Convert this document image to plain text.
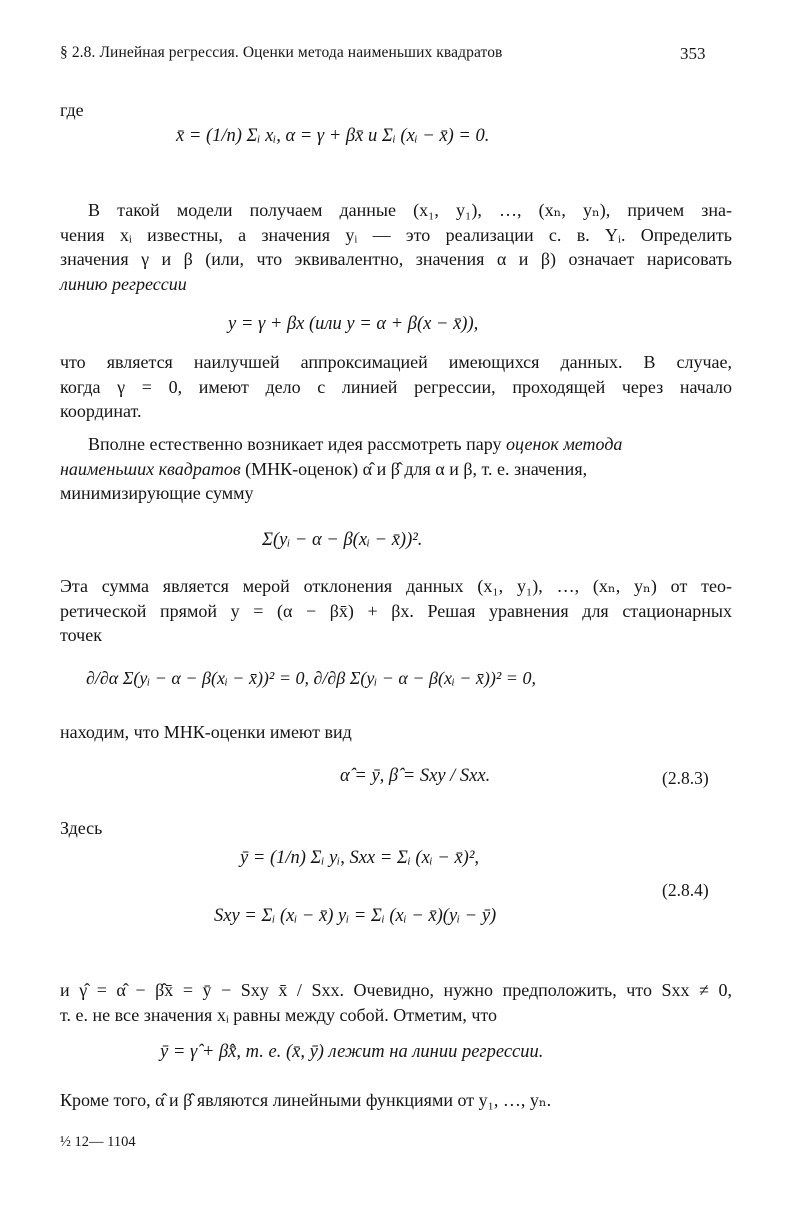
§ 2.8. Линейная регрессия. Оценки метода наименьших квадратов	353
где
x̄ = (1/n) Σᵢ xᵢ, α = γ + βx̄ и Σᵢ (xᵢ − x̄) = 0.
В такой модели получаем данные (x₁, y₁), …, (xₙ, yₙ), причем зна-
чения xᵢ известны, а значения yᵢ — это реализации с. в. Yᵢ. Определить
значения γ и β (или, что эквивалентно, значения α и β) означает нарисовать
линию регрессии
y = γ + βx (или y = α + β(x − x̄)),
что является наилучшей аппроксимацией имеющихся данных. В случае,
когда γ = 0, имеют дело с линией регрессии, проходящей через начало
координат.
Вполне естественно возникает идея рассмотреть пару оценок метода
наименьших квадратов (МНК-оценок) α̂ и β̂ для α и β, т. е. значения,
минимизирующие сумму
Σ(yᵢ − α − β(xᵢ − x̄))².
Эта сумма является мерой отклонения данных (x₁, y₁), …, (xₙ, yₙ) от тео-
ретической прямой y = (α − βx̄) + βx. Решая уравнения для стационарных
точек
∂/∂α Σ(yᵢ − α − β(xᵢ − x̄))² = 0, ∂/∂β Σ(yᵢ − α − β(xᵢ − x̄))² = 0,
находим, что МНК-оценки имеют вид
α̂ = ȳ, β̂ = Sxy / Sxx.	(2.8.3)
Здесь
ȳ = (1/n) Σᵢ yᵢ, Sxx = Σᵢ (xᵢ − x̄)²,
Sxy = Σᵢ (xᵢ − x̄) yᵢ = Σᵢ (xᵢ − x̄)(yᵢ − ȳ)
(2.8.4)
и γ̂ = α̂ − β̂x̄ = ȳ − Sxy x̄ / Sxx. Очевидно, нужно предположить, что Sxx ≠ 0,
т. е. не все значения xᵢ равны между собой. Отметим, что
ȳ = γ̂ + β̂x̄, т. е. (x̄, ȳ) лежит на линии регрессии.
Кроме того, α̂ и β̂ являются линейными функциями от y₁, …, yₙ.
½ 12— 1104
